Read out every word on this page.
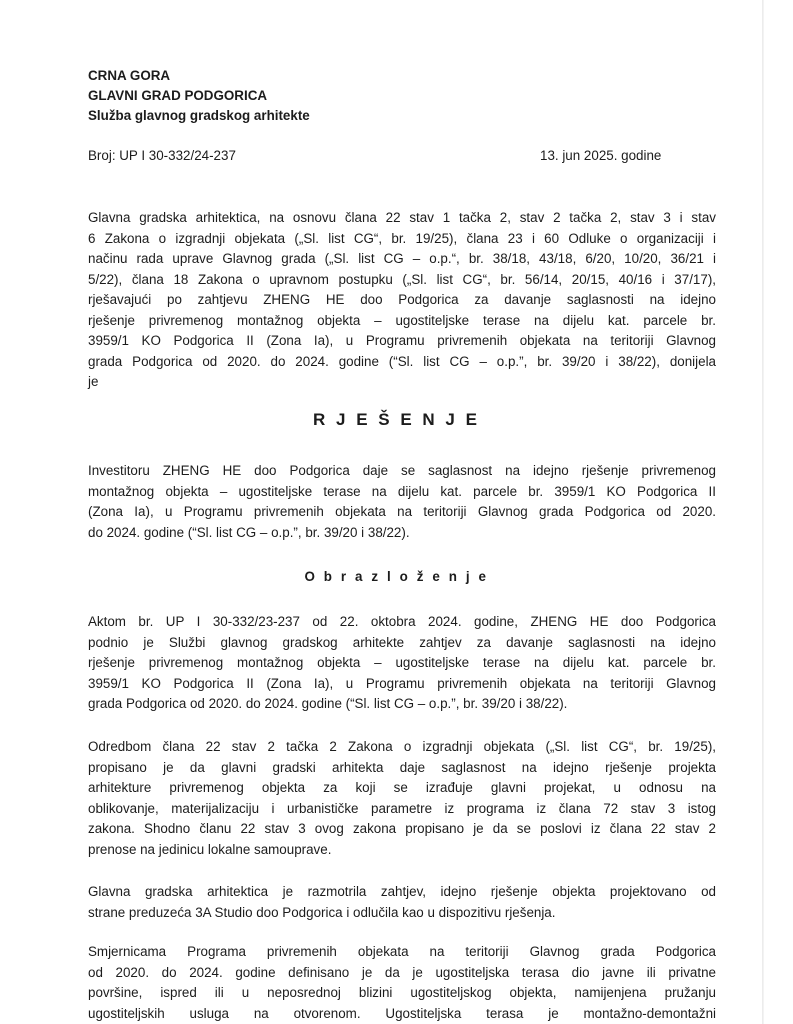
CRNA GORA
GLAVNI GRAD PODGORICA
Služba glavnog gradskog arhitekte
Broj: UP I 30-332/24-237	13. jun 2025. godine
Glavna gradska arhitektica, na osnovu člana 22 stav 1 tačka 2, stav 2 tačka 2, stav 3 i stav
6 Zakona o izgradnji objekata („Sl. list CG“, br. 19/25), člana 23 i 60 Odluke o organizaciji i
načinu rada uprave Glavnog grada („Sl. list CG – o.p.“, br. 38/18, 43/18, 6/20, 10/20, 36/21 i
5/22), člana 18 Zakona o upravnom postupku („Sl. list CG“, br. 56/14, 20/15, 40/16 i 37/17),
rješavajući po zahtjevu ZHENG HE doo Podgorica za davanje saglasnosti na idejno
rješenje privremenog montažnog objekta – ugostiteljske terase na dijelu kat. parcele br.
3959/1 KO Podgorica II (Zona Ia), u Programu privremenih objekata na teritoriji Glavnog
grada Podgorica od 2020. do 2024. godine (“Sl. list CG – o.p.”, br. 39/20 i 38/22), donijela
je
R J E Š E N J E
Investitoru ZHENG HE doo Podgorica daje se saglasnost na idejno rješenje privremenog
montažnog objekta – ugostiteljske terase na dijelu kat. parcele br. 3959/1 KO Podgorica II
(Zona Ia), u Programu privremenih objekata na teritoriji Glavnog grada Podgorica od 2020.
do 2024. godine (“Sl. list CG – o.p.”, br. 39/20 i 38/22).
O b r a z l o ž e n j e
Aktom br. UP I 30-332/23-237 od 22. oktobra 2024. godine, ZHENG HE doo Podgorica
podnio je Službi glavnog gradskog arhitekte zahtjev za davanje saglasnosti na idejno
rješenje privremenog montažnog objekta – ugostiteljske terase na dijelu kat. parcele br.
3959/1 KO Podgorica II (Zona Ia), u Programu privremenih objekata na teritoriji Glavnog
grada Podgorica od 2020. do 2024. godine (“Sl. list CG – o.p.”, br. 39/20 i 38/22).
Odredbom člana 22 stav 2 tačka 2 Zakona o izgradnji objekata („Sl. list CG“, br. 19/25),
propisano je da glavni gradski arhitekta daje saglasnost na idejno rješenje projekta
arhitekture privremenog objekta za koji se izrađuje glavni projekat, u odnosu na
oblikovanje, materijalizaciju i urbanističke parametre iz programa iz člana 72 stav 3 istog
zakona. Shodno članu 22 stav 3 ovog zakona propisano je da se poslovi iz člana 22 stav 2
prenose na jedinicu lokalne samouprave.
Glavna gradska arhitektica je razmotrila zahtjev, idejno rješenje objekta projektovano od
strane preduzeća 3A Studio doo Podgorica i odlučila kao u dispozitivu rješenja.
Smjernicama Programa privremenih objekata na teritoriji Glavnog grada Podgorica
od 2020. do 2024. godine definisano je da je ugostiteljska terasa dio javne ili privatne
površine, ispred ili u neposrednoj blizini ugostiteljskog objekta, namijenjena pružanju
ugostiteljskih usluga na otvorenom. Ugostiteljska terasa je montažno-demontažni
